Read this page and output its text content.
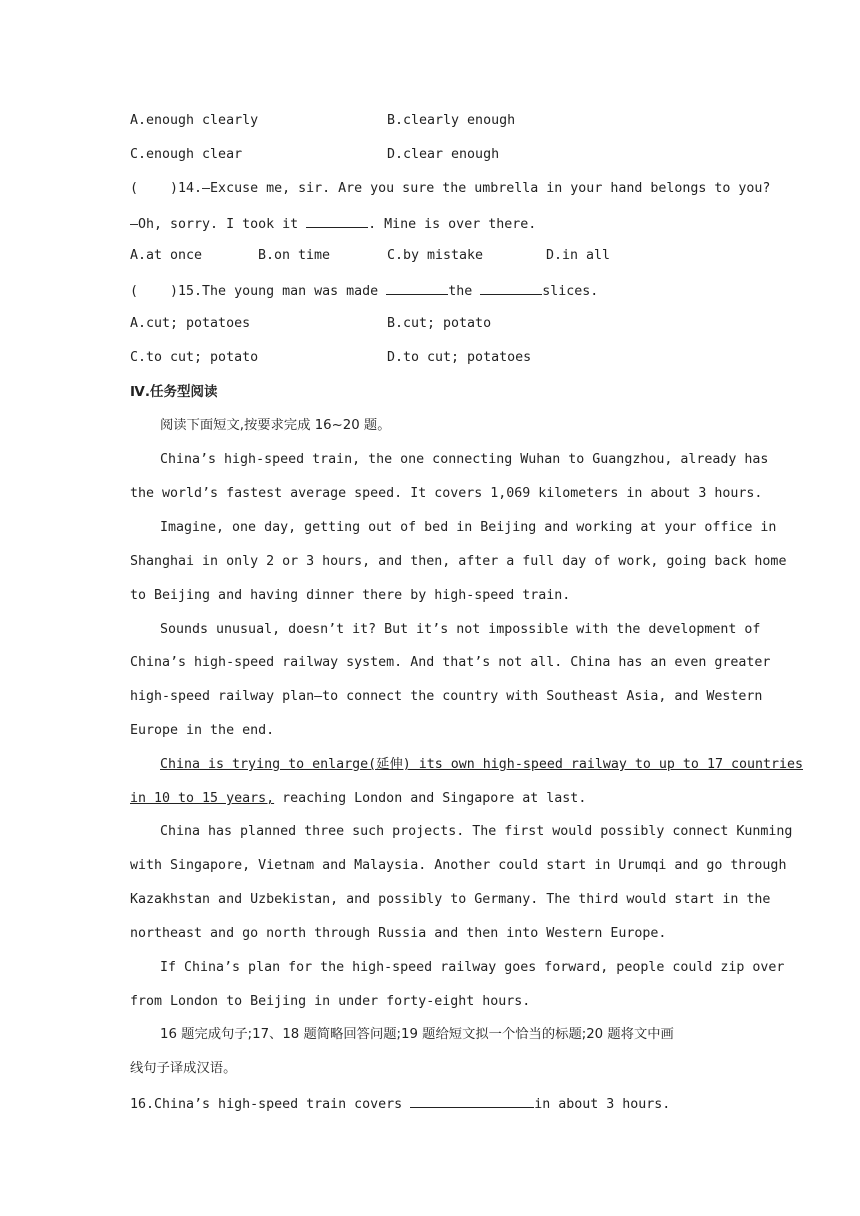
A.enough clearly	B.clearly enough
C.enough clear	D.clear enough
(    )14.—Excuse me, sir. Are you sure the umbrella in your hand belongs to you?
—Oh, sorry. I took it	. Mine is over there.
A.at once	B.on time	C.by mistake	D.in all
(    )15.The young man was made	the	slices.
A.cut; potatoes	B.cut; potato
C.to cut; potato	D.to cut; potatoes
Ⅳ.任务型阅读
阅读下面短文,按要求完成 16~20 题。
China’s high-speed train, the one connecting Wuhan to Guangzhou, already has
the world’s fastest average speed. It covers 1,069 kilometers in about 3 hours.
Imagine, one day, getting out of bed in Beijing and working at your office in
Shanghai in only 2 or 3 hours, and then, after a full day of work, going back home
to Beijing and having dinner there by high-speed train.
Sounds unusual, doesn’t it? But it’s not impossible with the development of
China’s high-speed railway system. And that’s not all. China has an even greater
high-speed railway plan—to connect the country with Southeast Asia, and Western
Europe in the end.
China is trying to enlarge(延伸) its own high-speed railway to up to 17 countries
in 10 to 15 years, reaching London and Singapore at last.
China has planned three such projects. The first would possibly connect Kunming
with Singapore, Vietnam and Malaysia. Another could start in Urumqi and go through
Kazakhstan and Uzbekistan, and possibly to Germany. The third would start in the
northeast and go north through Russia and then into Western Europe.
If China’s plan for the high-speed railway goes forward, people could zip over
from London to Beijing in under forty-eight hours.
16 题完成句子;17、18 题简略回答问题;19 题给短文拟一个恰当的标题;20 题将文中画
线句子译成汉语。
16.China’s high-speed train covers	in about 3 hours.
